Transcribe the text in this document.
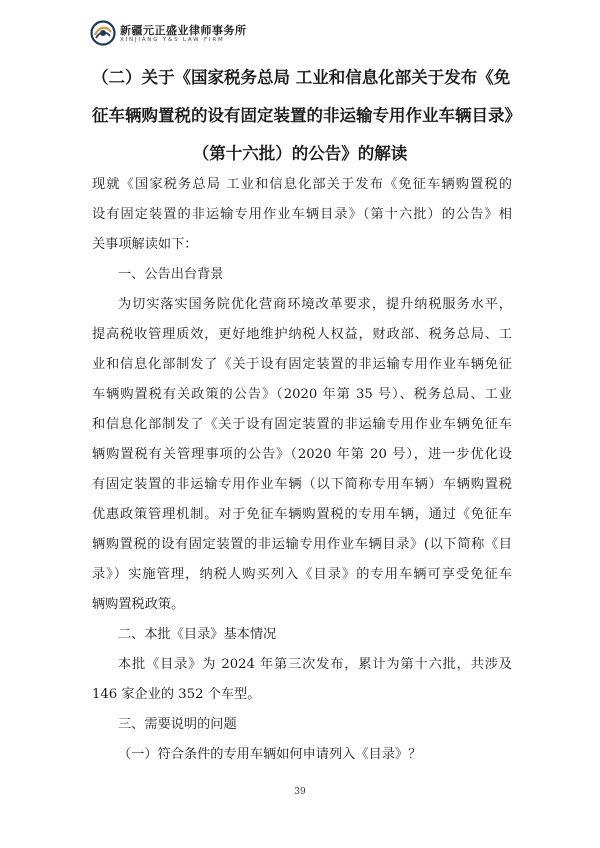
新疆元正盛业律师事务所
XINJIANG Y&S LAW FIRM
（二）关于《国家税务总局 工业和信息化部关于发布《免
征车辆购置税的设有固定装置的非运输专用作业车辆目录》
（第十六批）的公告》的解读
现就《国家税务总局 工业和信息化部关于发布《免征车辆购置税的
设有固定装置的非运输专用作业车辆目录》（第十六批）的公告》相
关事项解读如下：
一、公告出台背景
为切实落实国务院优化营商环境改革要求，提升纳税服务水平，
提高税收管理质效，更好地维护纳税人权益，财政部、税务总局、工
业和信息化部制发了《关于设有固定装置的非运输专用作业车辆免征
车辆购置税有关政策的公告》（2020 年第 35 号）、税务总局、工业
和信息化部制发了《关于设有固定装置的非运输专用作业车辆免征车
辆购置税有关管理事项的公告》（2020 年第 20 号），进一步优化设
有固定装置的非运输专用作业车辆（以下简称专用车辆）车辆购置税
优惠政策管理机制。对于免征车辆购置税的专用车辆，通过《免征车
辆购置税的设有固定装置的非运输专用作业车辆目录》(以下简称《目
录》）实施管理，纳税人购买列入《目录》的专用车辆可享受免征车
辆购置税政策。
二、本批《目录》基本情况
本批《目录》为 2024 年第三次发布，累计为第十六批，共涉及
146 家企业的 352 个车型。
三、需要说明的问题
（一）符合条件的专用车辆如何申请列入《目录》？
39
